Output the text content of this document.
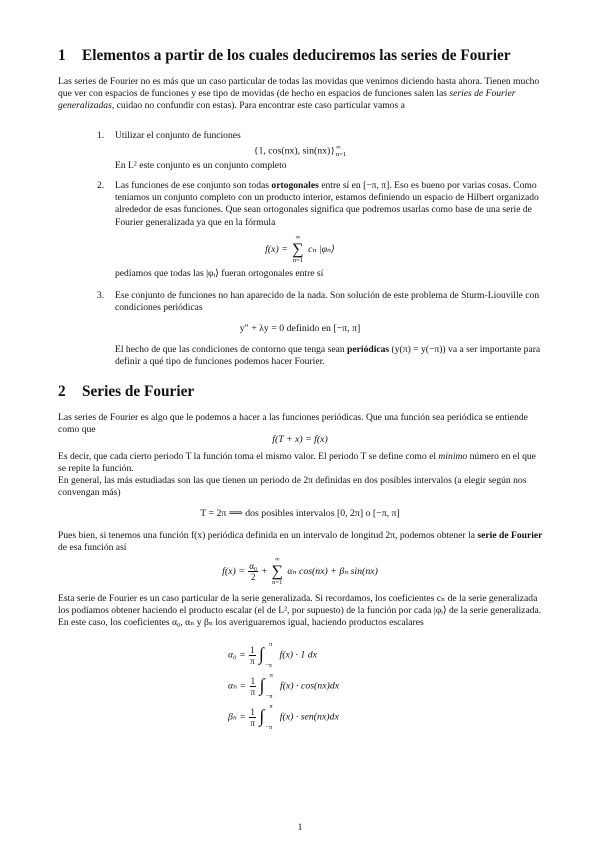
1 Elementos a partir de los cuales deduciremos las series de Fourier

Las series de Fourier no es más que un caso particular de todas las movidas que venimos diciendo hasta ahora. Tienen mucho que ver con espacios de funciones y ese tipo de movidas (de hecho en espacios de funciones salen las series de Fourier generalizadas, cuidao no confundir con estas). Para encontrar este caso particular vamos a

1. Utilizar el conjunto de funciones

{1, cos(nx), sin(nx)} ∞
n=1

En L² este conjunto es un conjunto completo

2. Las funciones de ese conjunto son todas ortogonales entre sí en [−π, π]. Eso es bueno por varias cosas. Como teníamos un conjunto completo con un producto interior, estamos definiendo un espacio de Hilbert organizado alrededor de esas funciones. Que sean ortogonales significa que podremos usarlas como base de una serie de Fourier generalizada ya que en la fórmula

f(x) =
∞
∑
n=1
cₙ |φₙ⟩

pedíamos que todas las |φᵢ⟩ fueran ortogonales entre sí

3. Ese conjunto de funciones no han aparecido de la nada. Son solución de este problema de Sturm-Liouville con condiciones periódicas

y″ + λy = 0 definido en [−π, π]

El hecho de que las condiciones de contorno que tenga sean periódicas (y(π) = y(−π)) va a ser importante para definir a qué tipo de funciones podemos hacer Fourier.

2 Series de Fourier

Las series de Fourier es algo que le podemos a hacer a las funciones periódicas. Que una función sea periódica se entiende como que

f(T + x) = f(x)

Es decir, que cada cierto periodo T la función toma el mismo valor. El periodo T se define como el mínimo número en el que se repite la función.

En general, las más estudiadas son las que tienen un periodo de 2π definidas en dos posibles intervalos (a elegir según nos convengan más)

T = 2π ⟹ dos posibles intervalos [0, 2π] o [−π, π]

Pues bien, si tenemos una función f(x) periódica definida en un intervalo de longitud 2π, podemos obtener la serie de Fourier de esa función así

$f(x) = \frac{\text{α₀}}{2}$ +
∞
∑
n=1
αₙ cos(nx) + βₙ sin(nx)

Esta serie de Fourier es un caso particular de la serie generalizada. Si recordamos, los coeficientes cₙ de la serie generalizada los podíamos obtener haciendo el producto escalar (el de L², por supuesto) de la función por cada |φᵢ⟩ de la serie generalizada. En este caso, los coeficientes α₀, αₙ y βₙ los averiguaremos igual, haciendo productos escalares

$\alpha_0 = \frac{1}{\pi}$
∫ π
−π
f(x) · 1 dx
$\alpha_n = \frac{1}{\pi}$
∫ π
−π
f(x) · cos(nx)dx
$\beta_n = \frac{1}{\pi}$
∫ π
−π
f(x) · sen(nx)dx
1
